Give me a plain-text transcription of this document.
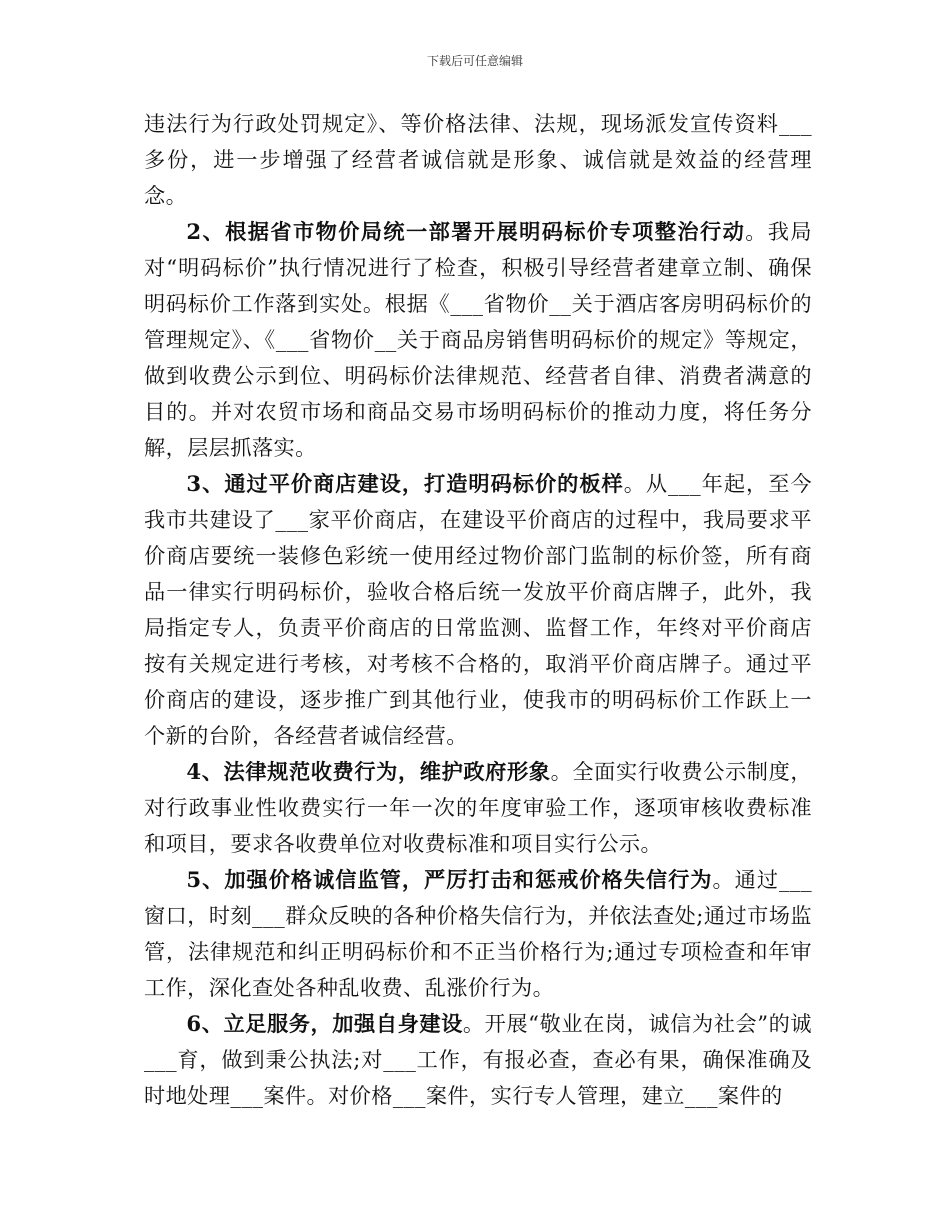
下载后可任意编辑

违法行为行政处罚规定》、等价格法律、法规，现场派发宣传资料___多份，进一步增强了经营者诚信就是形象、诚信就是效益的经营理念。

2、根据省市物价局统一部署开展明码标价专项整治行动。我局对“明码标价”执行情况进行了检查，积极引导经营者建章立制、确保明码标价工作落到实处。根据《___省物价__关于酒店客房明码标价的管理规定》、《___省物价__关于商品房销售明码标价的规定》等规定，做到收费公示到位、明码标价法律规范、经营者自律、消费者满意的目的。并对农贸市场和商品交易市场明码标价的推动力度，将任务分解，层层抓落实。

3、通过平价商店建设，打造明码标价的板样。从___年起，至今我市共建设了___家平价商店，在建设平价商店的过程中，我局要求平价商店要统一装修色彩统一使用经过物价部门监制的标价签，所有商品一律实行明码标价，验收合格后统一发放平价商店牌子，此外，我局指定专人，负责平价商店的日常监测、监督工作，年终对平价商店按有关规定进行考核，对考核不合格的，取消平价商店牌子。通过平价商店的建设，逐步推广到其他行业，使我市的明码标价工作跃上一个新的台阶，各经营者诚信经营。

4、法律规范收费行为，维护政府形象。全面实行收费公示制度，对行政事业性收费实行一年一次的年度审验工作，逐项审核收费标准和项目，要求各收费单位对收费标准和项目实行公示。

5、加强价格诚信监管，严厉打击和惩戒价格失信行为。通过___窗口，时刻___群众反映的各种价格失信行为，并依法查处;通过市场监管，法律规范和纠正明码标价和不正当价格行为;通过专项检查和年审工作，深化查处各种乱收费、乱涨价行为。

6、立足服务，加强自身建设。开展“敬业在岗，诚信为社会”的诚___育，做到秉公执法;对___工作，有报必查，查必有果，确保准确及时地处理___案件。对价格___案件，实行专人管理，建立___案件的
